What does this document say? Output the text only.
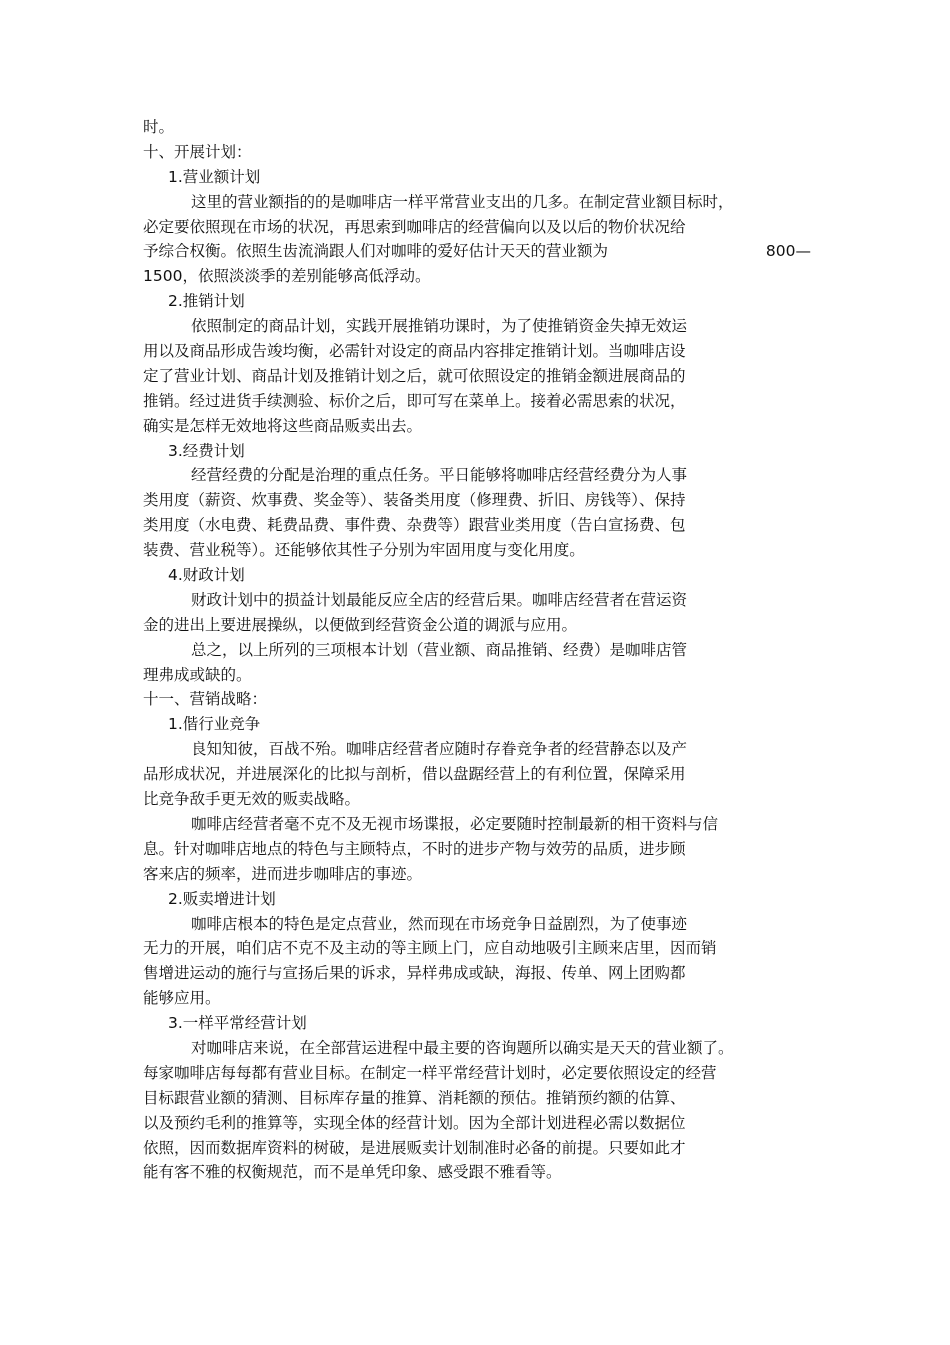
时。
十、开展计划：
1.营业额计划
这里的营业额指的的是咖啡店一样平常营业支出的几多。在制定营业额目标时，
必定要依照现在市场的状况，再思索到咖啡店的经营偏向以及以后的物价状况给
予综合权衡。依照生齿流淌跟人们对咖啡的爱好估计天天的营业额为	800—
1500，依照淡淡季的差别能够高低浮动。
2.推销计划
依照制定的商品计划，实践开展推销功课时，为了使推销资金失掉无效运
用以及商品形成告竣均衡，必需针对设定的商品内容排定推销计划。当咖啡店设
定了营业计划、商品计划及推销计划之后，就可依照设定的推销金额进展商品的
推销。经过进货手续测验、标价之后，即可写在菜单上。接着必需思索的状况，
确实是怎样无效地将这些商品贩卖出去。
3.经费计划
经营经费的分配是治理的重点任务。平日能够将咖啡店经营经费分为人事
类用度（薪资、炊事费、奖金等）、装备类用度（修理费、折旧、房钱等）、保持
类用度（水电费、耗费品费、事件费、杂费等）跟营业类用度（告白宣扬费、包
装费、营业税等）。还能够依其性子分别为牢固用度与变化用度。
4.财政计划
财政计划中的损益计划最能反应全店的经营后果。咖啡店经营者在营运资
金的进出上要进展操纵，以便做到经营资金公道的调派与应用。
总之，以上所列的三项根本计划（营业额、商品推销、经费）是咖啡店管
理弗成或缺的。
十一、营销战略：
1.偕行业竞争
良知知彼，百战不殆。咖啡店经营者应随时存眷竞争者的经营静态以及产
品形成状况，并进展深化的比拟与剖析，借以盘踞经营上的有利位置，保障采用
比竞争敌手更无效的贩卖战略。
咖啡店经营者毫不克不及无视市场谍报，必定要随时控制最新的相干资料与信
息。针对咖啡店地点的特色与主顾特点，不时的进步产物与效劳的品质，进步顾
客来店的频率，进而进步咖啡店的事迹。
2.贩卖增进计划
咖啡店根本的特色是定点营业，然而现在市场竞争日益剧烈，为了使事迹
无力的开展，咱们店不克不及主动的等主顾上门，应自动地吸引主顾来店里，因而销
售增进运动的施行与宣扬后果的诉求，异样弗成或缺，海报、传单、网上团购都
能够应用。
3.一样平常经营计划
对咖啡店来说，在全部营运进程中最主要的咨询题所以确实是天天的营业额了。
每家咖啡店每每都有营业目标。在制定一样平常经营计划时，必定要依照设定的经营
目标跟营业额的猜测、目标库存量的推算、消耗额的预估。推销预约额的估算、
以及预约毛利的推算等，实现全体的经营计划。因为全部计划进程必需以数据位
依照，因而数据库资料的树破，是进展贩卖计划制准时必备的前提。只要如此才
能有客不雅的权衡规范，而不是单凭印象、感受跟不雅看等。
